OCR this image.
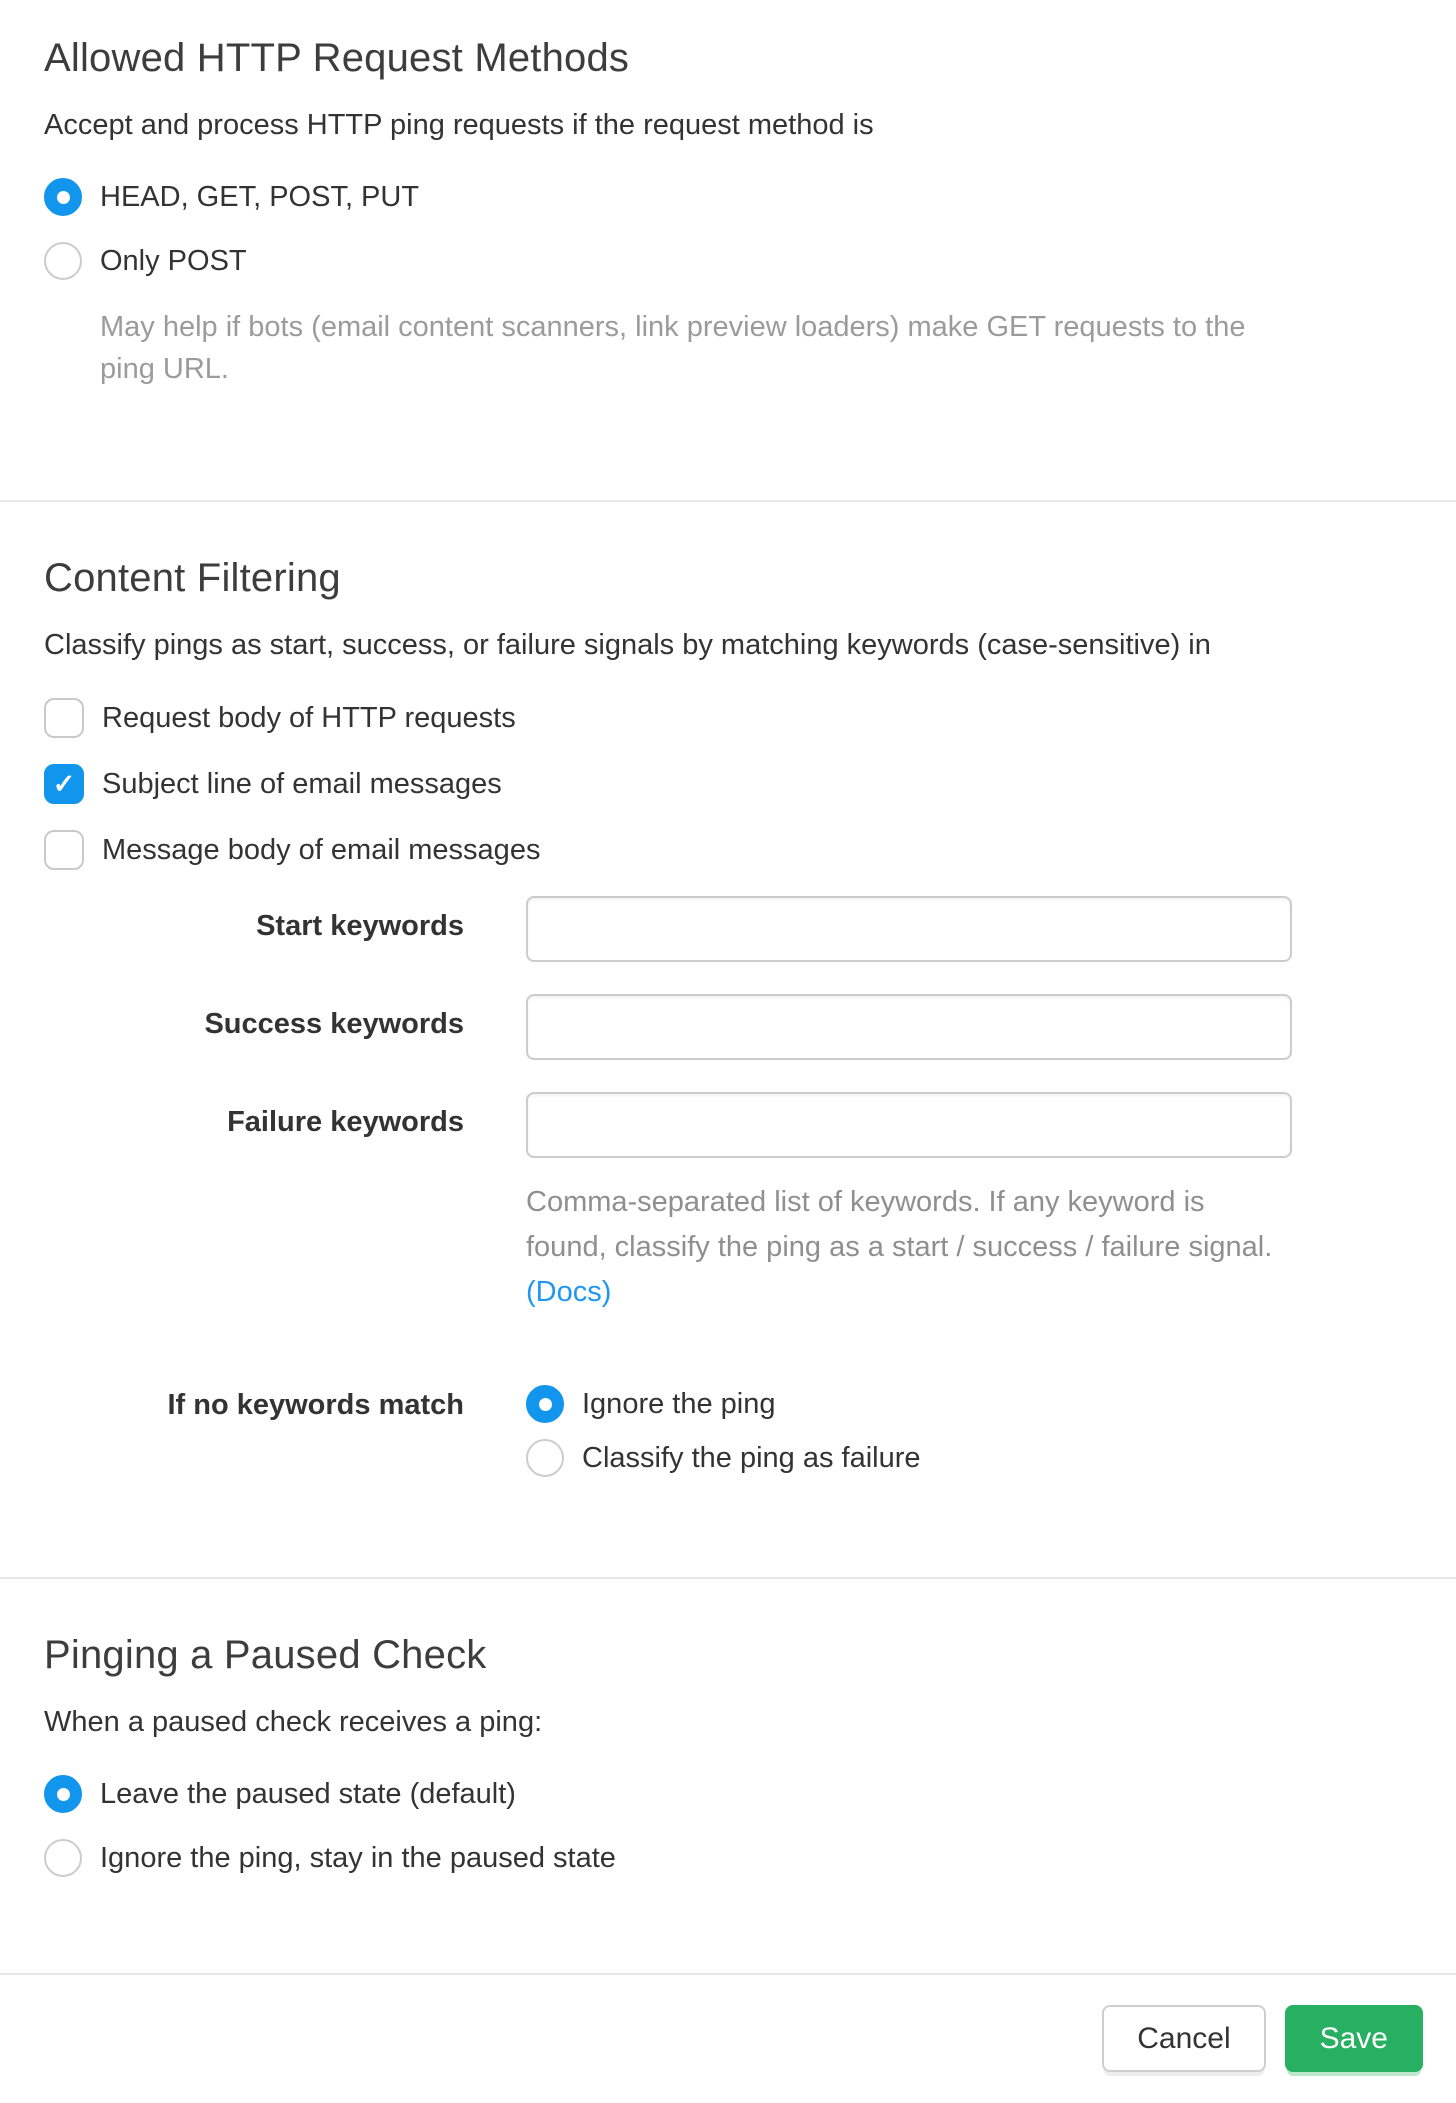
Allowed HTTP Request Methods

Accept and process HTTP ping requests if the request method is

HEAD, GET, POST, PUT
Only POST

May help if bots (email content scanners, link preview loaders) make GET requests to the ping URL.

Content Filtering

Classify pings as start, success, or failure signals by matching keywords (case-sensitive) in

Request body of HTTP requests
✓
Subject line of email messages
Message body of email messages
Start keywords
Success keywords
Failure keywords

Comma-separated list of keywords. If any keyword is found, classify the ping as a start / success / failure signal. (Docs)

If no keywords match	Ignore the ping
Classify the ping as failure
Pinging a Paused Check

When a paused check receives a ping:

Leave the paused state (default)
Ignore the ping, stay in the paused state
Cancel	Save
